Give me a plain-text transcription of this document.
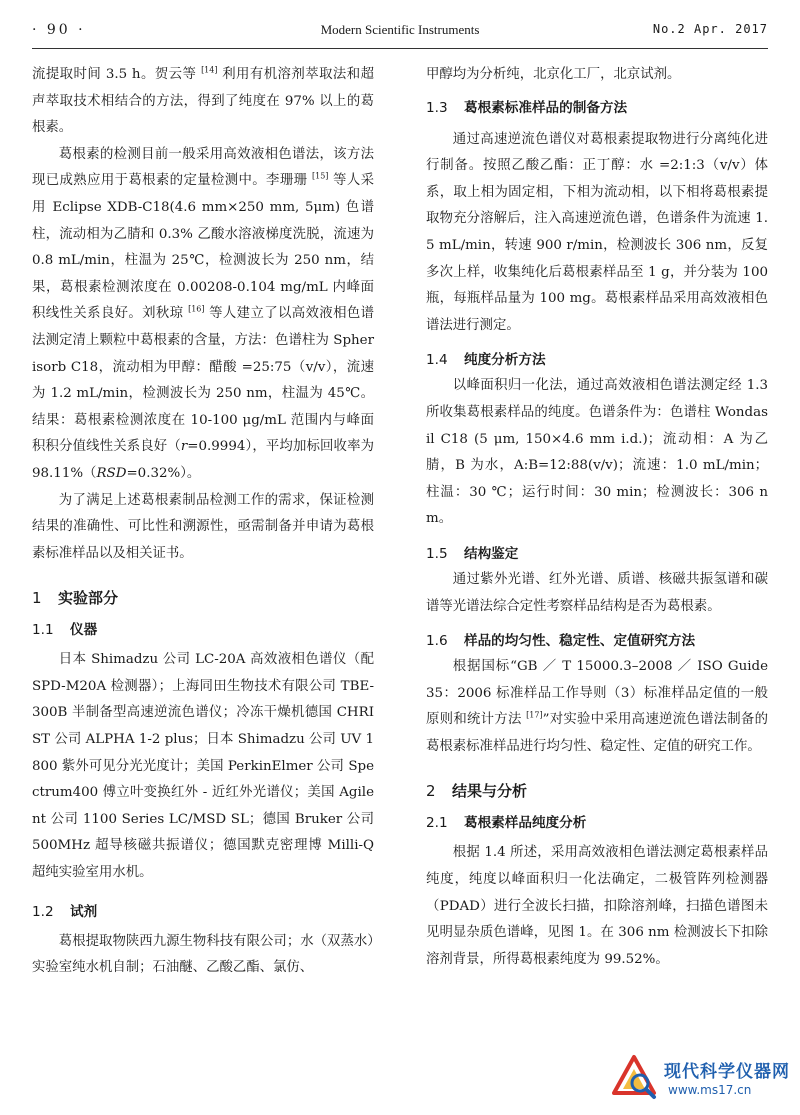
· 90 ·	Modern Scientific Instruments	No.2 Apr. 2017

流提取时间 3.5 h。贺云等 [14] 利用有机溶剂萃取法和超声萃取技术相结合的方法，得到了纯度在 97% 以上的葛根素。

葛根素的检测目前一般采用高效液相色谱法，该方法现已成熟应用于葛根素的定量检测中。李珊珊 [15] 等人采用 Eclipse XDB-C18(4.6 mm×250 mm, 5μm) 色谱柱，流动相为乙腈和 0.3% 乙酸水溶液梯度洗脱，流速为 0.8 mL/min，柱温为 25℃，检测波长为 250 nm，结果，葛根素检测浓度在 0.00208-0.104 mg/mL 内峰面积线性关系良好。刘秋琼 [16] 等人建立了以高效液相色谱法测定清上颗粒中葛根素的含量，方法：色谱柱为 Spherisorb C18，流动相为甲醇：醋酸 =25:75（v/v），流速为 1.2 mL/min，检测波长为 250 nm，柱温为 45℃。结果：葛根素检测浓度在 10-100 μg/mL 范围内与峰面积积分值线性关系良好（r=0.9994），平均加标回收率为 98.11%（RSD=0.32%）。

为了满足上述葛根素制品检测工作的需求，保证检测结果的准确性、可比性和溯源性，亟需制备并申请为葛根素标准样品以及相关证书。

1 实验部分
1.1 仪器

日本 Shimadzu 公司 LC-20A 高效液相色谱仪（配 SPD-M20A 检测器）；上海同田生物技术有限公司 TBE-300B 半制备型高速逆流色谱仪；冷冻干燥机德国 CHRIST 公司 ALPHA 1-2 plus；日本 Shimadzu 公司 UV 1800 紫外可见分光光度计；美国 PerkinElmer 公司 Spectrum400 傅立叶变换红外 - 近红外光谱仪；美国 Agilent 公司 1100 Series LC/MSD SL；德国 Bruker 公司 500MHz 超导核磁共振谱仪；德国默克密理博 Milli-Q 超纯实验室用水机。

1.2 试剂

葛根提取物陕西九源生物科技有限公司；水（双蒸水）实验室纯水机自制；石油醚、乙酸乙酯、氯仿、

甲醇均为分析纯，北京化工厂，北京试剂。

1.3 葛根素标准样品的制备方法

通过高速逆流色谱仪对葛根素提取物进行分离纯化进行制备。按照乙酸乙酯：正丁醇：水 =2:1:3（v/v）体系，取上相为固定相，下相为流动相，以下相将葛根素提取物充分溶解后，注入高速逆流色谱，色谱条件为流速 1.5 mL/min，转速 900 r/min，检测波长 306 nm，反复多次上样，收集纯化后葛根素样品至 1 g，并分装为 100 瓶，每瓶样品量为 100 mg。葛根素样品采用高效液相色谱法进行测定。

1.4 纯度分析方法

以峰面积归一化法，通过高效液相色谱法测定经 1.3 所收集葛根素样品的纯度。色谱条件为：色谱柱 Wondasil C18 (5 μm, 150×4.6 mm i.d.)；流动相：A 为乙腈，B 为水，A:B=12:88(v/v)；流速：1.0 mL/min；柱温：30 ℃；运行时间：30 min；检测波长：306 nm。

1.5 结构鉴定

通过紫外光谱、红外光谱、质谱、核磁共振氢谱和碳谱等光谱法综合定性考察样品结构是否为葛根素。

1.6 样品的均匀性、稳定性、定值研究方法

根据国标“GB ／ T 15000.3–2008 ／ ISO Guide 35：2006 标准样品工作导则（3）标准样品定值的一般原则和统计方法 [17]”对实验中采用高速逆流色谱法制备的葛根素标准样品进行均匀性、稳定性、定值的研究工作。

2 结果与分析
2.1 葛根素样品纯度分析

根据 1.4 所述，采用高效液相色谱法测定葛根素样品纯度，纯度以峰面积归一化法确定，二极管阵列检测器（PDAD）进行全波长扫描，扣除溶剂峰，扫描色谱图未见明显杂质色谱峰，见图 1。在 306 nm 检测波长下扣除溶剂背景，所得葛根素纯度为 99.52%。

现代科学仪器网
www.ms17.cn
